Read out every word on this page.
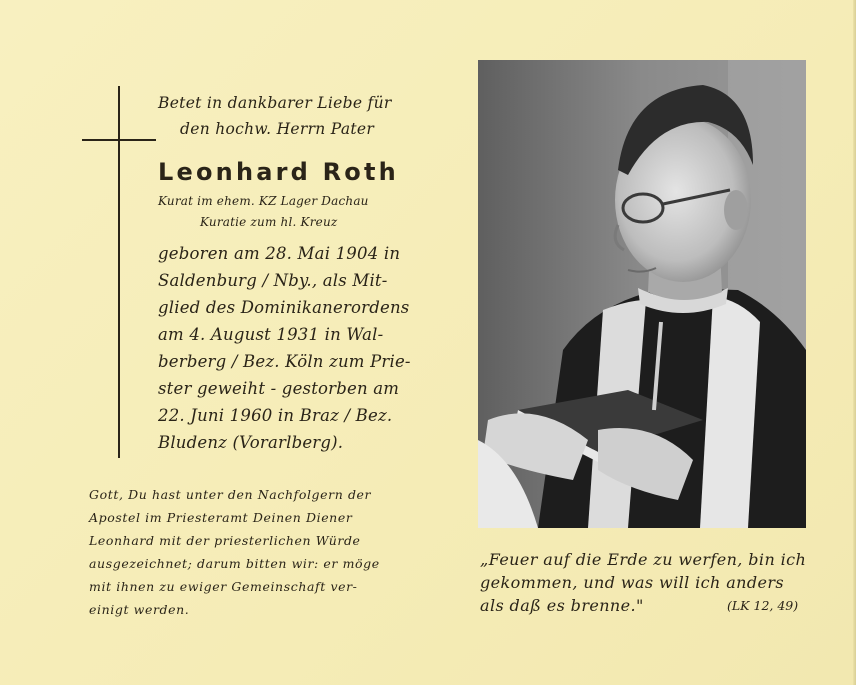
Betet in dankbarer Liebe für
den hochw. Herrn Pater
Leonhard Roth
Kurat im ehem. KZ Lager Dachau
Kuratie zum hl. Kreuz
geboren am 28. Mai 1904 in
Saldenburg / Nby., als Mit-
glied des Dominikanerordens
am 4. August 1931 in Wal-
berberg / Bez. Köln zum Prie-
ster geweiht - gestorben am
22. Juni 1960 in Braz / Bez.
Bludenz (Vorarlberg).
Gott, Du hast unter den Nachfolgern der
Apostel im Priesteramt Deinen Diener
Leonhard mit der priesterlichen Würde
ausgezeichnet; darum bitten wir: er möge
mit ihnen zu ewiger Gemeinschaft ver-
einigt werden.
„Feuer auf die Erde zu werfen, bin ich
gekommen, und was will ich anders
als daß es brenne."	(LK 12, 49)
